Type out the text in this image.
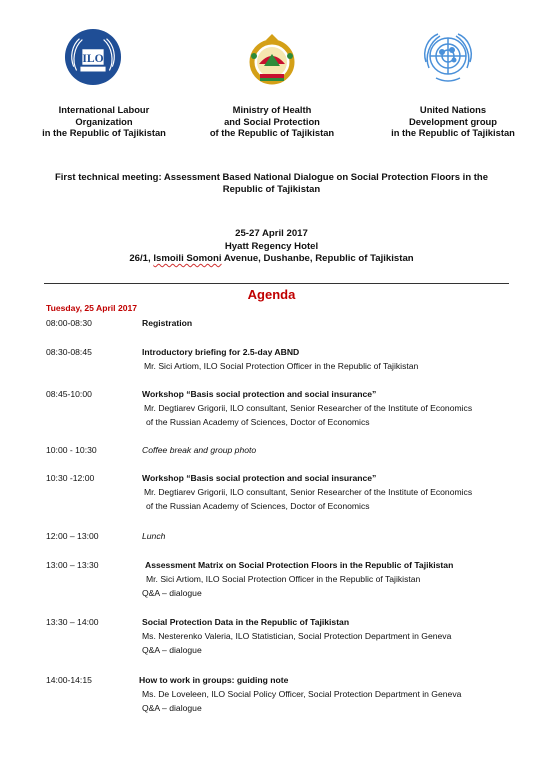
ILO
International Labour
Organization
in the Republic of Tajikistan
Ministry of Health
and Social Protection
of the Republic of Tajikistan
United Nations
Development group
in the Republic of Tajikistan
First technical meeting: Assessment Based National Dialogue on Social Protection Floors in the Republic of Tajikistan
25-27 April 2017
Hyatt Regency Hotel
26/1, Ismoili Somoni Avenue, Dushanbe, Republic of Tajikistan
Agenda
Tuesday, 25 April 2017
08:00-08:30	Registration
08:30-08:45	Introductory briefing for 2.5-day ABND
Mr. Sici Artiom, ILO Social Protection Officer in the Republic of Tajikistan
08:45-10:00	Workshop “Basis social protection and social insurance”
Mr. Degtiarev Grigorii, ILO consultant, Senior Researcher of the Institute of Economics
of the Russian Academy of Sciences, Doctor of Economics
10:00 - 10:30	Coffee break and group photo
10:30 -12:00	Workshop “Basis social protection and social insurance”
Mr. Degtiarev Grigorii, ILO consultant, Senior Researcher of the Institute of Economics
of the Russian Academy of Sciences, Doctor of Economics
12:00 – 13:00	Lunch
13:00 – 13:30	Assessment Matrix on Social Protection Floors in the Republic of Tajikistan
Mr. Sici Artiom, ILO Social Protection Officer in the Republic of Tajikistan
Q&A – dialogue
13:30 – 14:00	Social Protection Data in the Republic of Tajikistan
Ms. Nesterenko Valeria, ILO Statistician, Social Protection Department in Geneva
Q&A – dialogue
14:00-14:15	How to work in groups: guiding note
Ms. De Loveleen, ILO Social Policy Officer, Social Protection Department in Geneva
Q&A – dialogue
